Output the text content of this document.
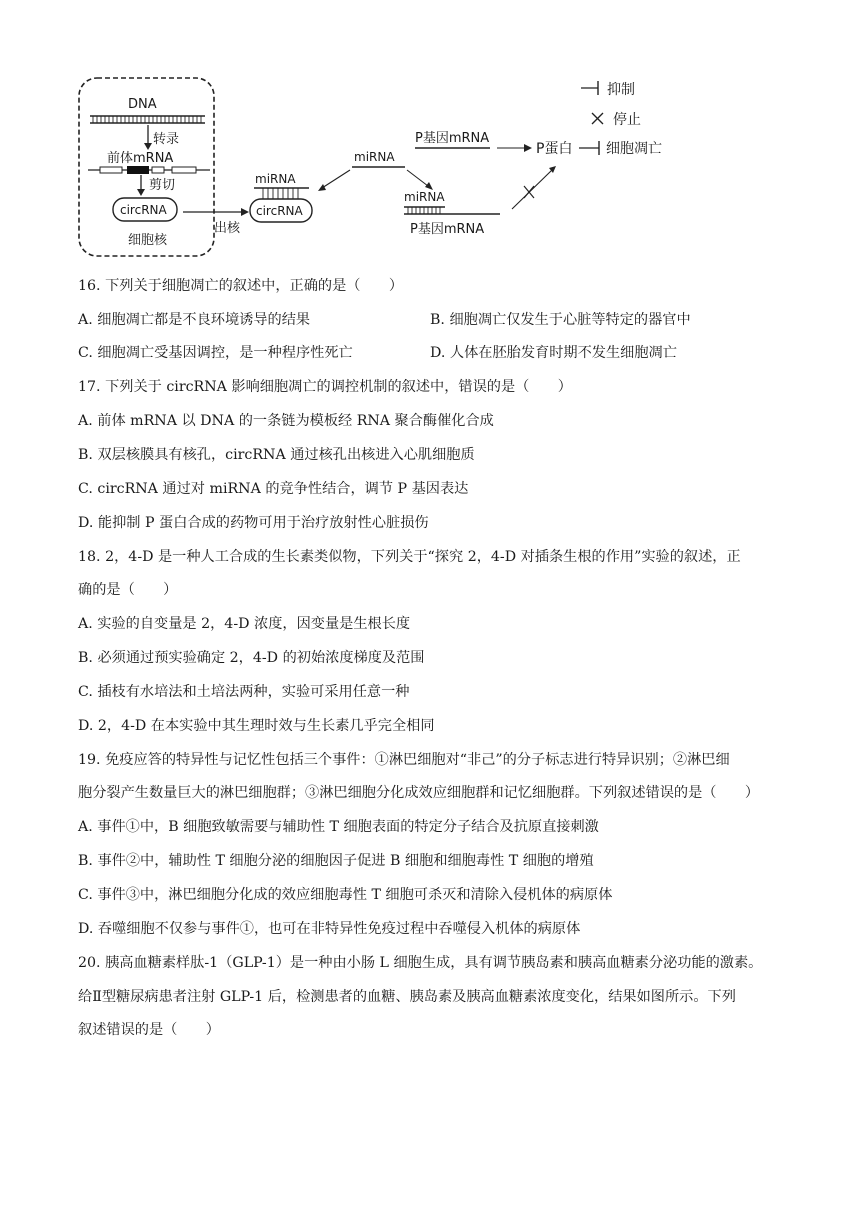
DNA
转录
前体mRNA
剪切
circRNA
细胞核
出核
miRNA
circRNA
miRNA
P基因mRNA
P蛋白 细胞凋亡
miRNA
P基因mRNA
抑制
停止
16. 下列关于细胞凋亡的叙述中，正确的是（　　）
A. 细胞凋亡都是不良环境诱导的结果	B. 细胞凋亡仅发生于心脏等特定的器官中
C. 细胞凋亡受基因调控，是一种程序性死亡	D. 人体在胚胎发育时期不发生细胞凋亡
17. 下列关于 circRNA 影响细胞凋亡的调控机制的叙述中，错误的是（　　）
A. 前体 mRNA 以 DNA 的一条链为模板经 RNA 聚合酶催化合成
B. 双层核膜具有核孔，circRNA 通过核孔出核进入心肌细胞质
C. circRNA 通过对 miRNA 的竞争性结合，调节 P 基因表达
D. 能抑制 P 蛋白合成的药物可用于治疗放射性心脏损伤
18. 2，4-D 是一种人工合成的生长素类似物，下列关于“探究 2，4-D 对插条生根的作用”实验的叙述，正
确的是（　　）
A. 实验的自变量是 2，4-D 浓度，因变量是生根长度
B. 必须通过预实验确定 2，4-D 的初始浓度梯度及范围
C. 插枝有水培法和土培法两种，实验可采用任意一种
D. 2，4-D 在本实验中其生理时效与生长素几乎完全相同
19. 免疫应答的特异性与记忆性包括三个事件：①淋巴细胞对“非己”的分子标志进行特异识别；②淋巴细
胞分裂产生数量巨大的淋巴细胞群；③淋巴细胞分化成效应细胞群和记忆细胞群。下列叙述错误的是（　　）
A. 事件①中，B 细胞致敏需要与辅助性 T 细胞表面的特定分子结合及抗原直接刺激
B. 事件②中，辅助性 T 细胞分泌的细胞因子促进 B 细胞和细胞毒性 T 细胞的增殖
C. 事件③中，淋巴细胞分化成的效应细胞毒性 T 细胞可杀灭和清除入侵机体的病原体
D. 吞噬细胞不仅参与事件①，也可在非特异性免疫过程中吞噬侵入机体的病原体
20. 胰高血糖素样肽-1（GLP-1）是一种由小肠 L 细胞生成，具有调节胰岛素和胰高血糖素分泌功能的激素。
给Ⅱ型糖尿病患者注射 GLP-1 后，检测患者的血糖、胰岛素及胰高血糖素浓度变化，结果如图所示。下列
叙述错误的是（　　）
